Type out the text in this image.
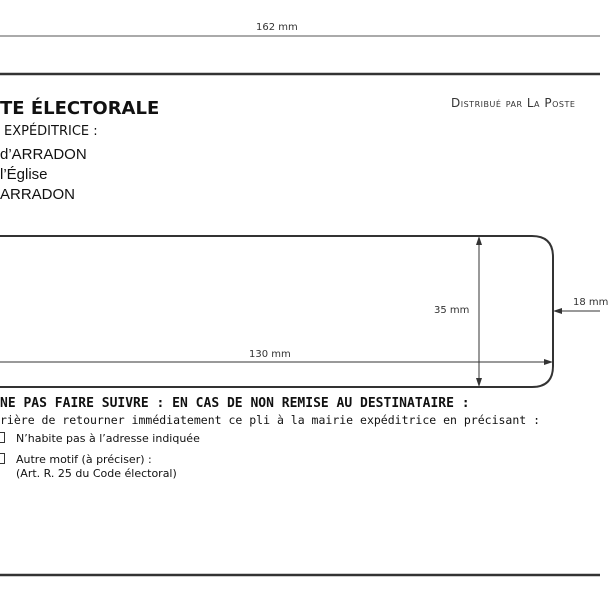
162 mm
35 mm
130 mm
18 mm
TE ÉLECTORALE
EXPÉDITRICE :
Distribué par La Poste
d’ARRADON
l’Église
ARRADON
NE PAS FAIRE SUIVRE : EN CAS DE NON REMISE AU DESTINATAIRE :
rière de retourner immédiatement ce pli à la mairie expéditrice en précisant :
N’habite pas à l’adresse indiquée
Autre motif (à préciser) :
(Art. R. 25 du Code électoral)
